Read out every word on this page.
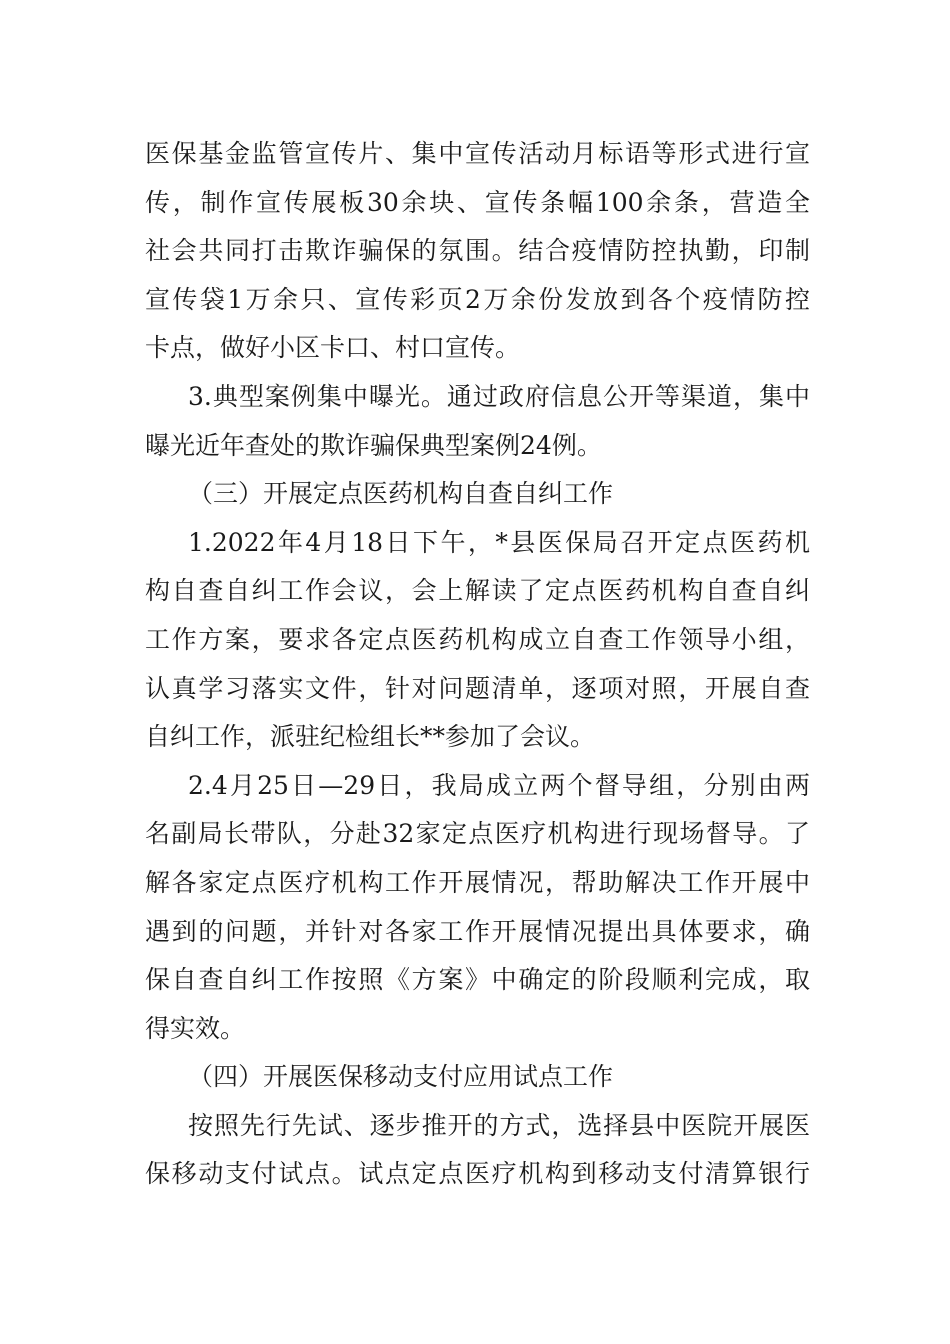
医保基金监管宣传片、集中宣传活动月标语等形式进行宣
传，制作宣传展板30余块、宣传条幅100余条，营造全
社会共同打击欺诈骗保的氛围。结合疫情防控执勤，印制
宣传袋1万余只、宣传彩页2万余份发放到各个疫情防控
卡点，做好小区卡口、村口宣传。
3.典型案例集中曝光。通过政府信息公开等渠道，集中
曝光近年查处的欺诈骗保典型案例24例。
（三）开展定点医药机构自查自纠工作
1.2022年4月18日下午，*县医保局召开定点医药机
构自查自纠工作会议，会上解读了定点医药机构自查自纠
工作方案，要求各定点医药机构成立自查工作领导小组，
认真学习落实文件，针对问题清单，逐项对照，开展自查
自纠工作，派驻纪检组长**参加了会议。
2.4月25日—29日，我局成立两个督导组，分别由两
名副局长带队，分赴32家定点医疗机构进行现场督导。了
解各家定点医疗机构工作开展情况，帮助解决工作开展中
遇到的问题，并针对各家工作开展情况提出具体要求，确
保自查自纠工作按照《方案》中确定的阶段顺利完成，取
得实效。
（四）开展医保移动支付应用试点工作
按照先行先试、逐步推开的方式，选择县中医院开展医
保移动支付试点。试点定点医疗机构到移动支付清算银行
